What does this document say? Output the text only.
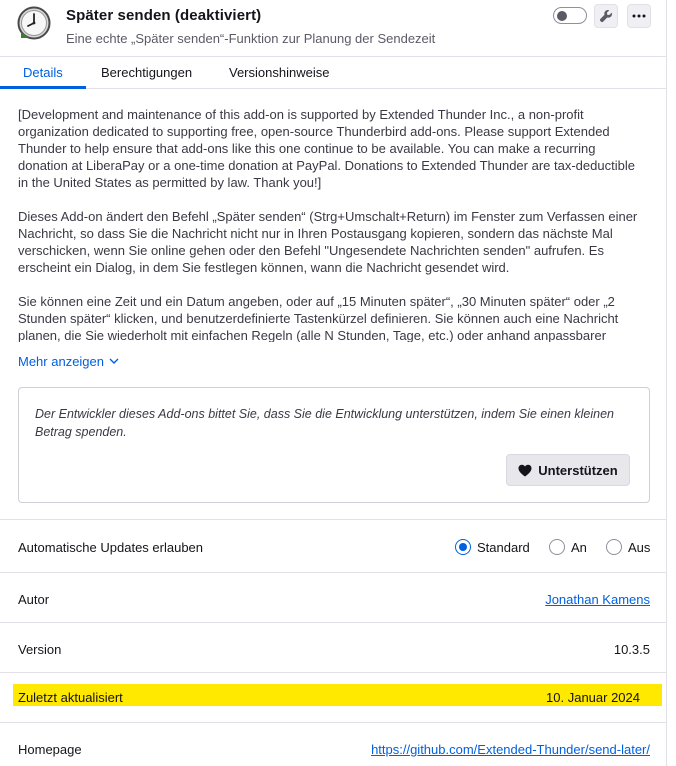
Später senden (deaktiviert)
Eine echte „Später senden“-Funktion zur Planung der Sendezeit
Details	Berechtigungen	Versionshinweise

[Development and maintenance of this add-on is supported by Extended Thunder Inc., a non-profit organization dedicated to supporting free, open-source Thunderbird add-ons. Please support Extended Thunder to help ensure that add-ons like this one continue to be available. You can make a recurring donation at LiberaPay or a one-time donation at PayPal. Donations to Extended Thunder are tax-deductible in the United States as permitted by law. Thank you!]

Dieses Add-on ändert den Befehl „Später senden“ (Strg+Umschalt+Return) im Fenster zum Verfassen einer Nachricht, so dass Sie die Nachricht nicht nur in Ihren Postausgang kopieren, sondern das nächste Mal verschicken, wenn Sie online gehen oder den Befehl "Ungesendete Nachrichten senden" aufrufen. Es erscheint ein Dialog, in dem Sie festlegen können, wann die Nachricht gesendet wird.

Sie können eine Zeit und ein Datum angeben, oder auf „15 Minuten später“, „30 Minuten später“ oder „2 Stunden später“ klicken, und benutzerdefinierte Tastenkürzel definieren. Sie können auch eine Nachricht planen, die Sie wiederholt mit einfachen Regeln (alle N Stunden, Tage, etc.) oder anhand anpassbarer

Mehr anzeigen
Der Entwickler dieses Add-ons bittet Sie, dass Sie die Entwicklung unterstützen, indem Sie einen kleinen Betrag spenden.
Unterstützen
Automatische Updates erlauben	Standard	An	Aus
Autor	Jonathan Kamens
Version	10.3.5
Zuletzt aktualisiert	10. Januar 2024
Homepage	https://github.com/Extended-Thunder/send-later/
